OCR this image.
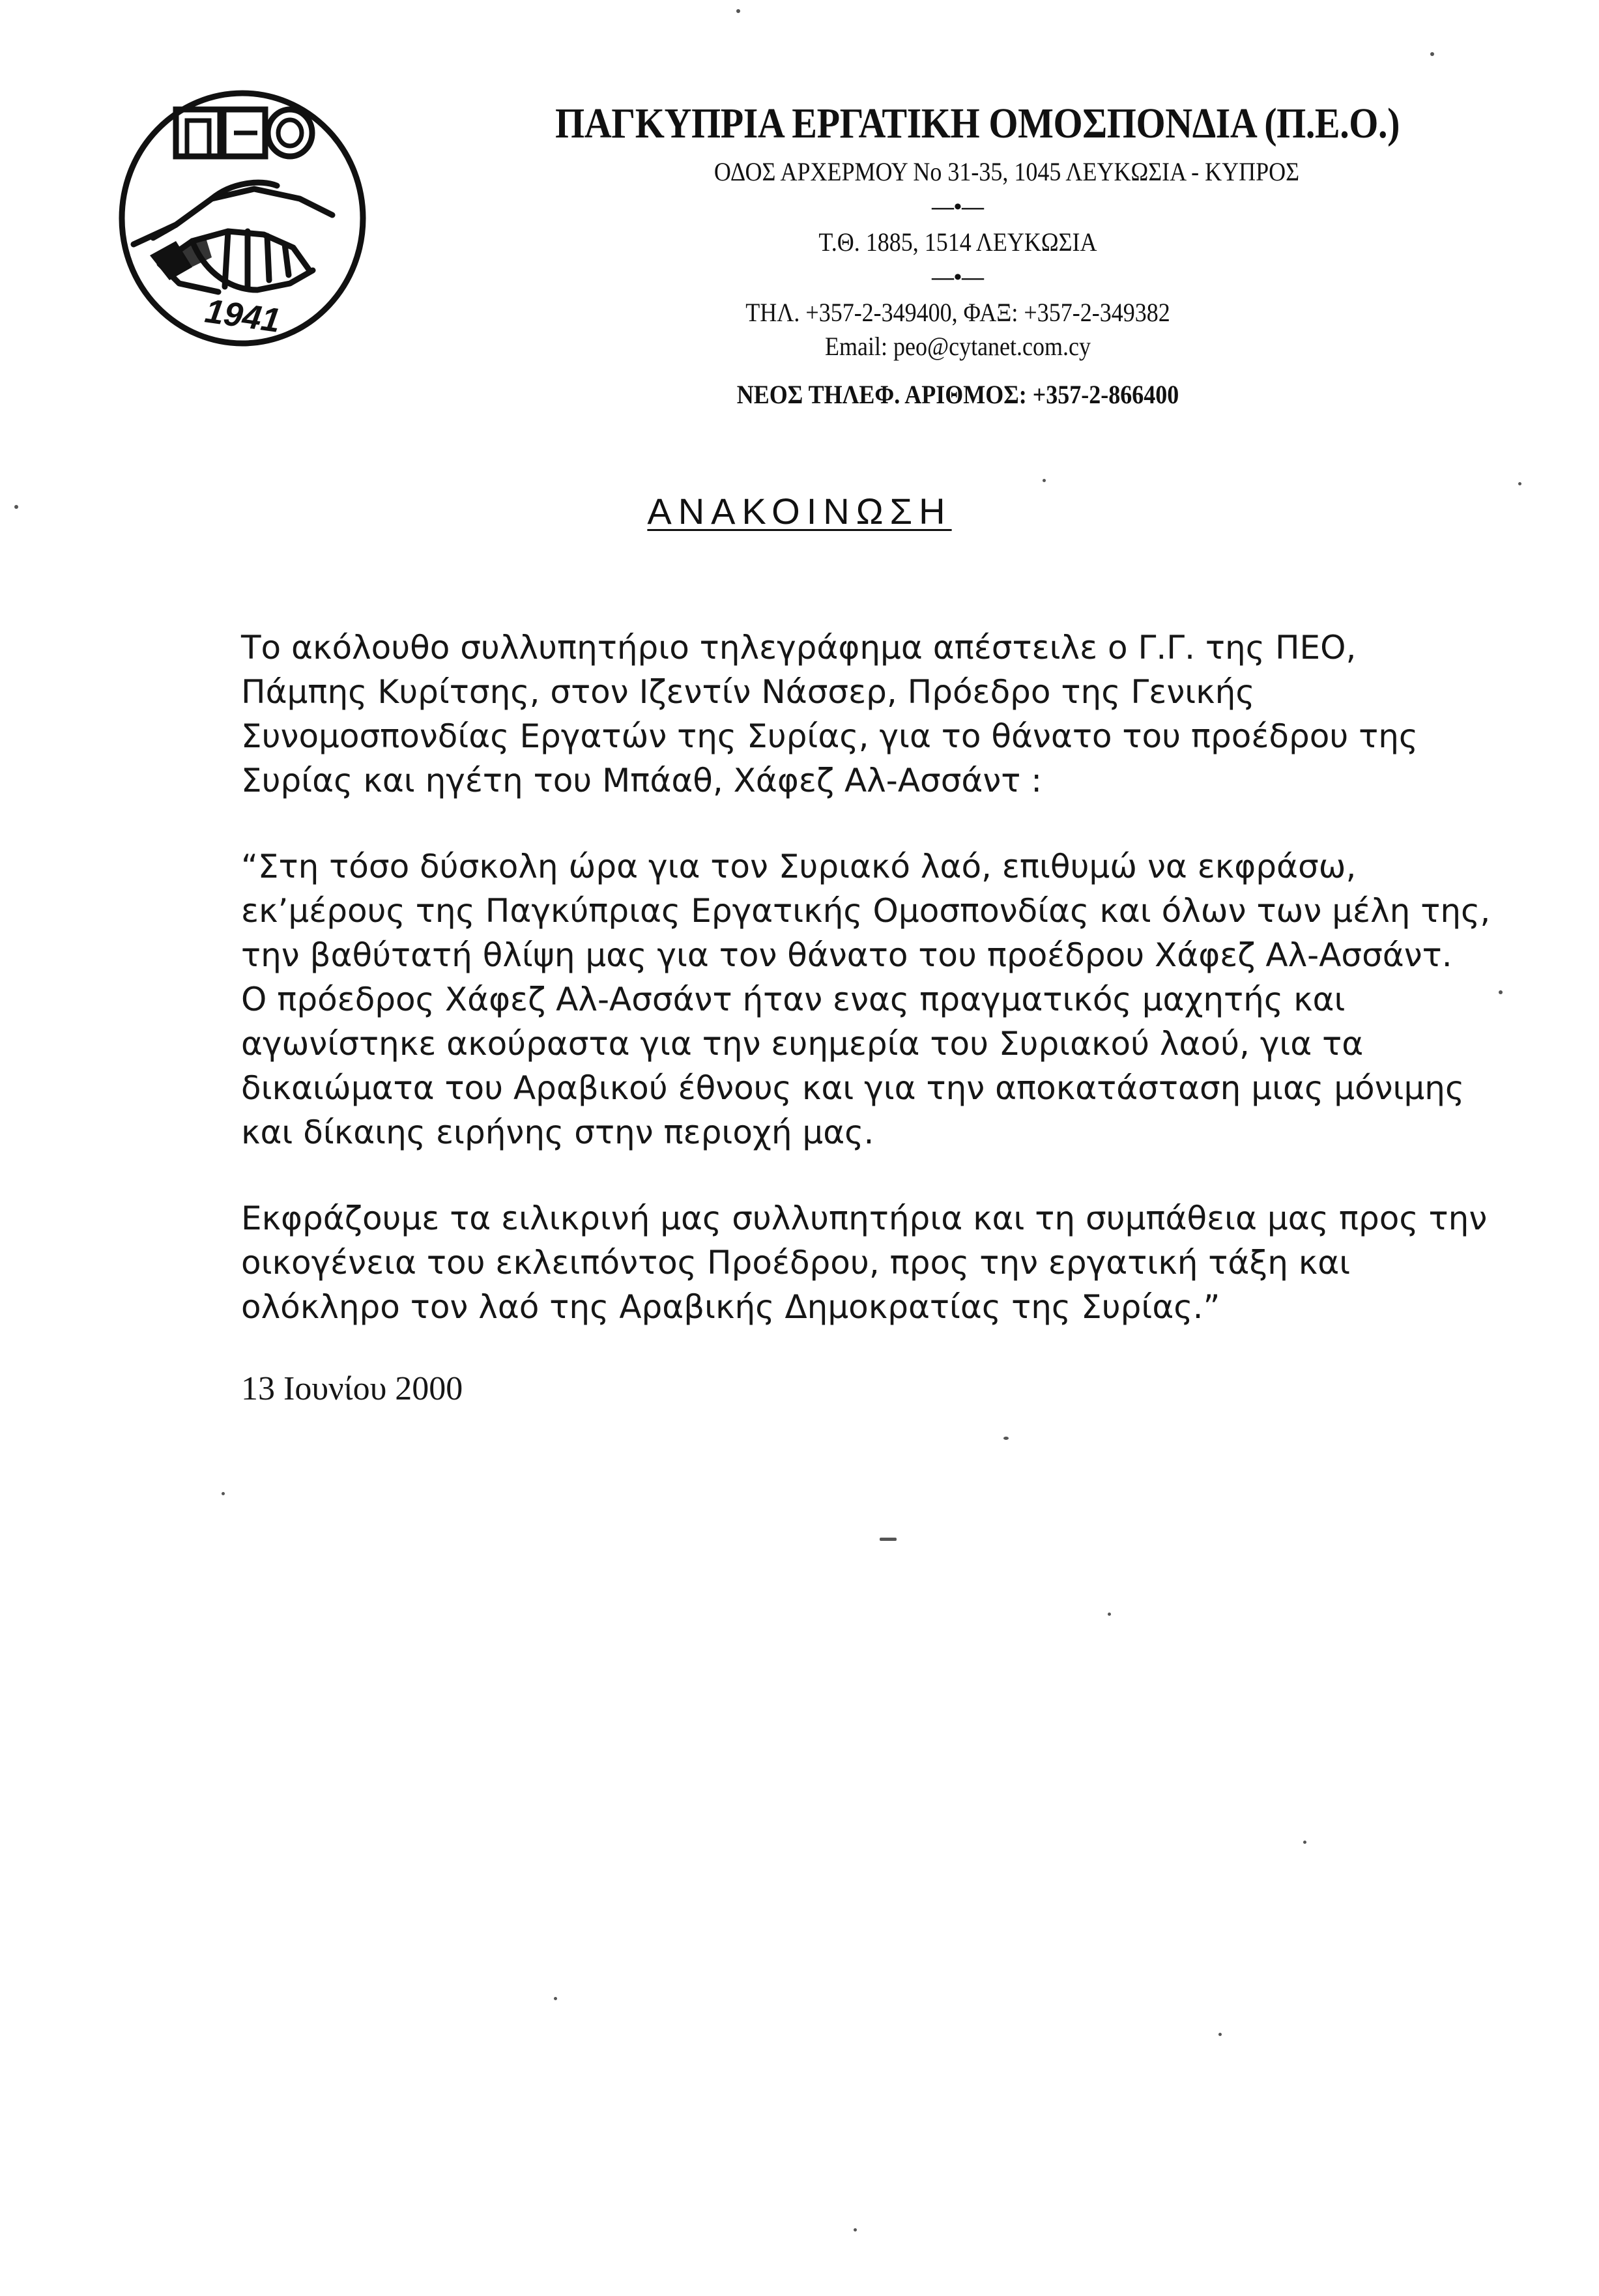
1941

ΠΑΓΚΥΠΡΙΑ ΕΡΓΑΤΙΚΗ ΟΜΟΣΠΟΝΔΙΑ (Π.Ε.Ο.)

ΟΔΟΣ ΑΡΧΕΡΜΟΥ Νο 31-35, 1045 ΛΕΥΚΩΣΙΑ - ΚΥΠΡΟΣ

—•—

Τ.Θ. 1885, 1514 ΛΕΥΚΩΣΙΑ

—•—

ΤΗΛ. +357-2-349400, ΦΑΞ: +357-2-349382

Email: peo@cytanet.com.cy

ΝΕΟΣ ΤΗΛΕΦ. ΑΡΙΘΜΟΣ: +357-2-866400

ΑΝΑΚΟΙΝΩΣΗ

Το ακόλουθο συλλυπητήριο τηλεγράφημα απέστειλε ο Γ.Γ. της ΠΕΟ,
Πάμπης Κυρίτσης, στον Ιζεντίν Νάσσερ, Πρόεδρο της Γενικής
Συνομοσπονδίας Εργατών της Συρίας, για το θάνατο του προέδρου της
Συρίας και ηγέτη του Μπάαθ, Χάφεζ Αλ-Ασσάντ :

“Στη τόσο δύσκολη ώρα για τον Συριακό λαό, επιθυμώ να εκφράσω,
εκ’μέρους της Παγκύπριας Εργατικής Ομοσπονδίας και όλων των μέλη της,
την βαθύτατή θλίψη μας για τον θάνατο του προέδρου Χάφεζ Αλ-Ασσάντ.
Ο πρόεδρος Χάφεζ Αλ-Ασσάντ ήταν ενας πραγματικός μαχητής και
αγωνίστηκε ακούραστα για την ευημερία του Συριακού λαού, για τα
δικαιώματα του Αραβικού έθνους και για την αποκατάσταση μιας μόνιμης
και δίκαιης ειρήνης στην περιοχή μας.

Εκφράζουμε τα ειλικρινή μας συλλυπητήρια και τη συμπάθεια μας προς την
οικογένεια του εκλειπόντος Προέδρου, προς την εργατική τάξη και
ολόκληρο τον λαό της Αραβικής Δημοκρατίας της Συρίας.”

13 Ιουνίου 2000
